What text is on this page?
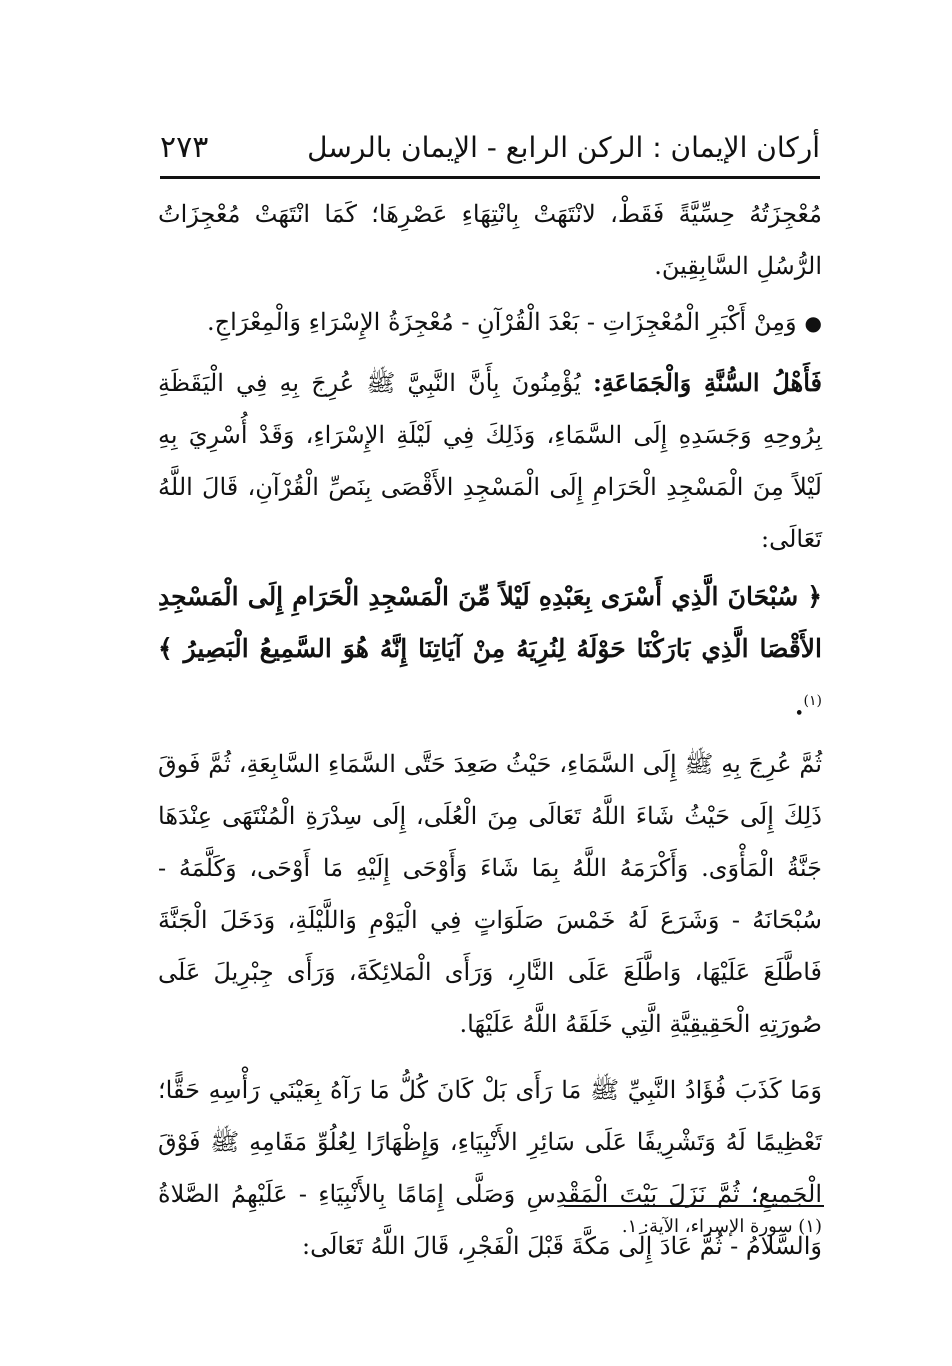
أركان الإيمان : الركن الرابع - الإيمان بالرسل
٢٧٣

مُعْجِزَتُهُ حِسِّيَّةً فَقَطْ، لانْتَهَتْ بِانْتِهَاءِ عَصْرِهَا؛ كَمَا انْتَهَتْ مُعْجِزَاتُ الرُّسُلِ السَّابِقِينَ.

●وَمِنْ أَكْبَرِ الْمُعْجِزَاتِ - بَعْدَ الْقُرْآنِ - مُعْجِزَةُ الإِسْرَاءِ وَالْمِعْرَاجِ.

فَأَهْلُ السُّنَّةِ وَالْجَمَاعَةِ: يُؤْمِنُونَ بِأَنَّ النَّبِيَّ ﷺ عُرِجَ بِهِ فِي الْيَقَظَةِ بِرُوحِهِ وَجَسَدِهِ إِلَى السَّمَاءِ، وَذَلِكَ فِي لَيْلَةِ الإِسْرَاءِ، وَقَدْ أُسْرِيَ بِهِ لَيْلاً مِنَ الْمَسْجِدِ الْحَرَامِ إِلَى الْمَسْجِدِ الأَقْصَى بِنَصِّ الْقُرْآنِ، قَالَ اللَّهُ تَعَالَى:

﴿ سُبْحَانَ الَّذِي أَسْرَى بِعَبْدِهِ لَيْلاً مِّنَ الْمَسْجِدِ الْحَرَامِ إِلَى الْمَسْجِدِ الأَقْصَا الَّذِي بَارَكْنَا حَوْلَهُ لِنُرِيَهُ مِنْ آيَاتِنَا إِنَّهُ هُوَ السَّمِيعُ الْبَصِيرُ ﴾$^{(١)}$.

ثُمَّ عُرِجَ بِهِ ﷺ إِلَى السَّمَاءِ، حَيْثُ صَعِدَ حَتَّى السَّمَاءِ السَّابِعَةِ، ثُمَّ فَوقَ ذَلِكَ إِلَى حَيْثُ شَاءَ اللَّهُ تَعَالَى مِنَ الْعُلَى، إِلَى سِدْرَةِ الْمُنْتَهَى عِنْدَهَا جَنَّةُ الْمَأْوَى. وَأَكْرَمَهُ اللَّهُ بِمَا شَاءَ وَأَوْحَى إِلَيْهِ مَا أَوْحَى، وَكَلَّمَهُ - سُبْحَانَهُ - وَشَرَعَ لَهُ خَمْسَ صَلَوَاتٍ فِي الْيَوْمِ وَاللَّيْلَةِ، وَدَخَلَ الْجَنَّةَ فَاطَّلَعَ عَلَيْهَا، وَاطَّلَعَ عَلَى النَّارِ، وَرَأَى الْمَلائِكَةَ، وَرَأَى جِبْرِيلَ عَلَى صُورَتِهِ الْحَقِيقِيَّةِ الَّتِي خَلَقَهُ اللَّهُ عَلَيْهَا.

وَمَا كَذَبَ فُؤَادُ النَّبِيِّ ﷺ مَا رَأَى بَلْ كَانَ كُلُّ مَا رَآهُ بِعَيْنَي رَأْسِهِ حَقًّا؛ تَعْظِيمًا لَهُ وَتَشْرِيفًا عَلَى سَائِرِ الأَنْبِيَاءِ، وَإِظْهَارًا لِعُلُوِّ مَقَامِهِ ﷺ فَوْقَ الْجَمِيعِ؛ ثُمَّ نَزَلَ بَيْتَ الْمَقْدِسِ وَصَلَّى إِمَامًا بِالأَنْبِيَاءِ - عَلَيْهِمُ الصَّلاةُ وَالسَّلامُ - ثُمَّ عَادَ إِلَى مَكَّةَ قَبْلَ الْفَجْرِ، قَالَ اللَّهُ تَعَالَى:

(١) سورة الإسراء، الآية: ١.
